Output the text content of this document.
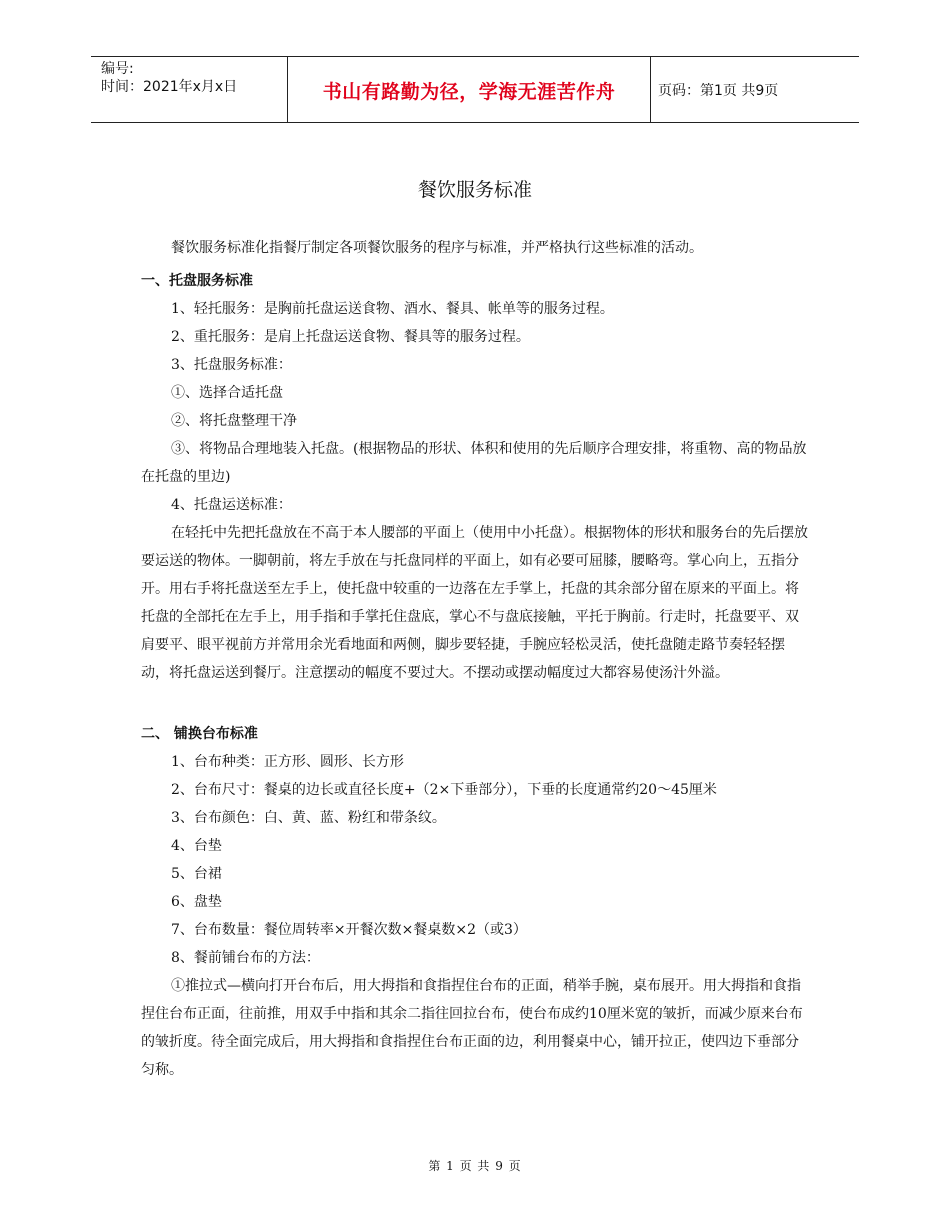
编号:
时间：2021年x月x日	书山有路勤为径，学海无涯苦作舟	页码：第1页 共9页
餐饮服务标准

餐饮服务标准化指餐厅制定各项餐饮服务的程序与标准，并严格执行这些标准的活动。

一、托盘服务标准

1、轻托服务：是胸前托盘运送食物、酒水、餐具、帐单等的服务过程。

2、重托服务：是肩上托盘运送食物、餐具等的服务过程。

3、托盘服务标准：

①、选择合适托盘

②、将托盘整理干净

③、将物品合理地装入托盘。(根据物品的形状、体积和使用的先后顺序合理安排，将重物、高的物品放在托盘的里边)

4、托盘运送标准：

在轻托中先把托盘放在不高于本人腰部的平面上（使用中小托盘）。根据物体的形状和服务台的先后摆放要运送的物体。一脚朝前，将左手放在与托盘同样的平面上，如有必要可屈膝，腰略弯。掌心向上，五指分开。用右手将托盘送至左手上，使托盘中较重的一边落在左手掌上，托盘的其余部分留在原来的平面上。将托盘的全部托在左手上，用手指和手掌托住盘底，掌心不与盘底接触，平托于胸前。行走时，托盘要平、双肩要平、眼平视前方并常用余光看地面和两侧，脚步要轻捷，手腕应轻松灵活，使托盘随走路节奏轻轻摆动，将托盘运送到餐厅。注意摆动的幅度不要过大。不摆动或摆动幅度过大都容易使汤汁外溢。

二、 铺换台布标准

1、台布种类：正方形、圆形、长方形

2、台布尺寸：餐桌的边长或直径长度+（2×下垂部分），下垂的长度通常约20～45厘米

3、台布颜色：白、黄、蓝、粉红和带条纹。

4、台垫

5、台裙

6、盘垫

7、台布数量：餐位周转率×开餐次数×餐桌数×2（或3）

8、餐前铺台布的方法：

①推拉式—横向打开台布后，用大拇指和食指捏住台布的正面，稍举手腕，桌布展开。用大拇指和食指捏住台布正面，往前推，用双手中指和其余二指往回拉台布，使台布成约10厘米宽的皱折，而减少原来台布的皱折度。待全面完成后，用大拇指和食指捏住台布正面的边，利用餐桌中心，铺开拉正，使四边下垂部分匀称。

第 1 页 共 9 页
